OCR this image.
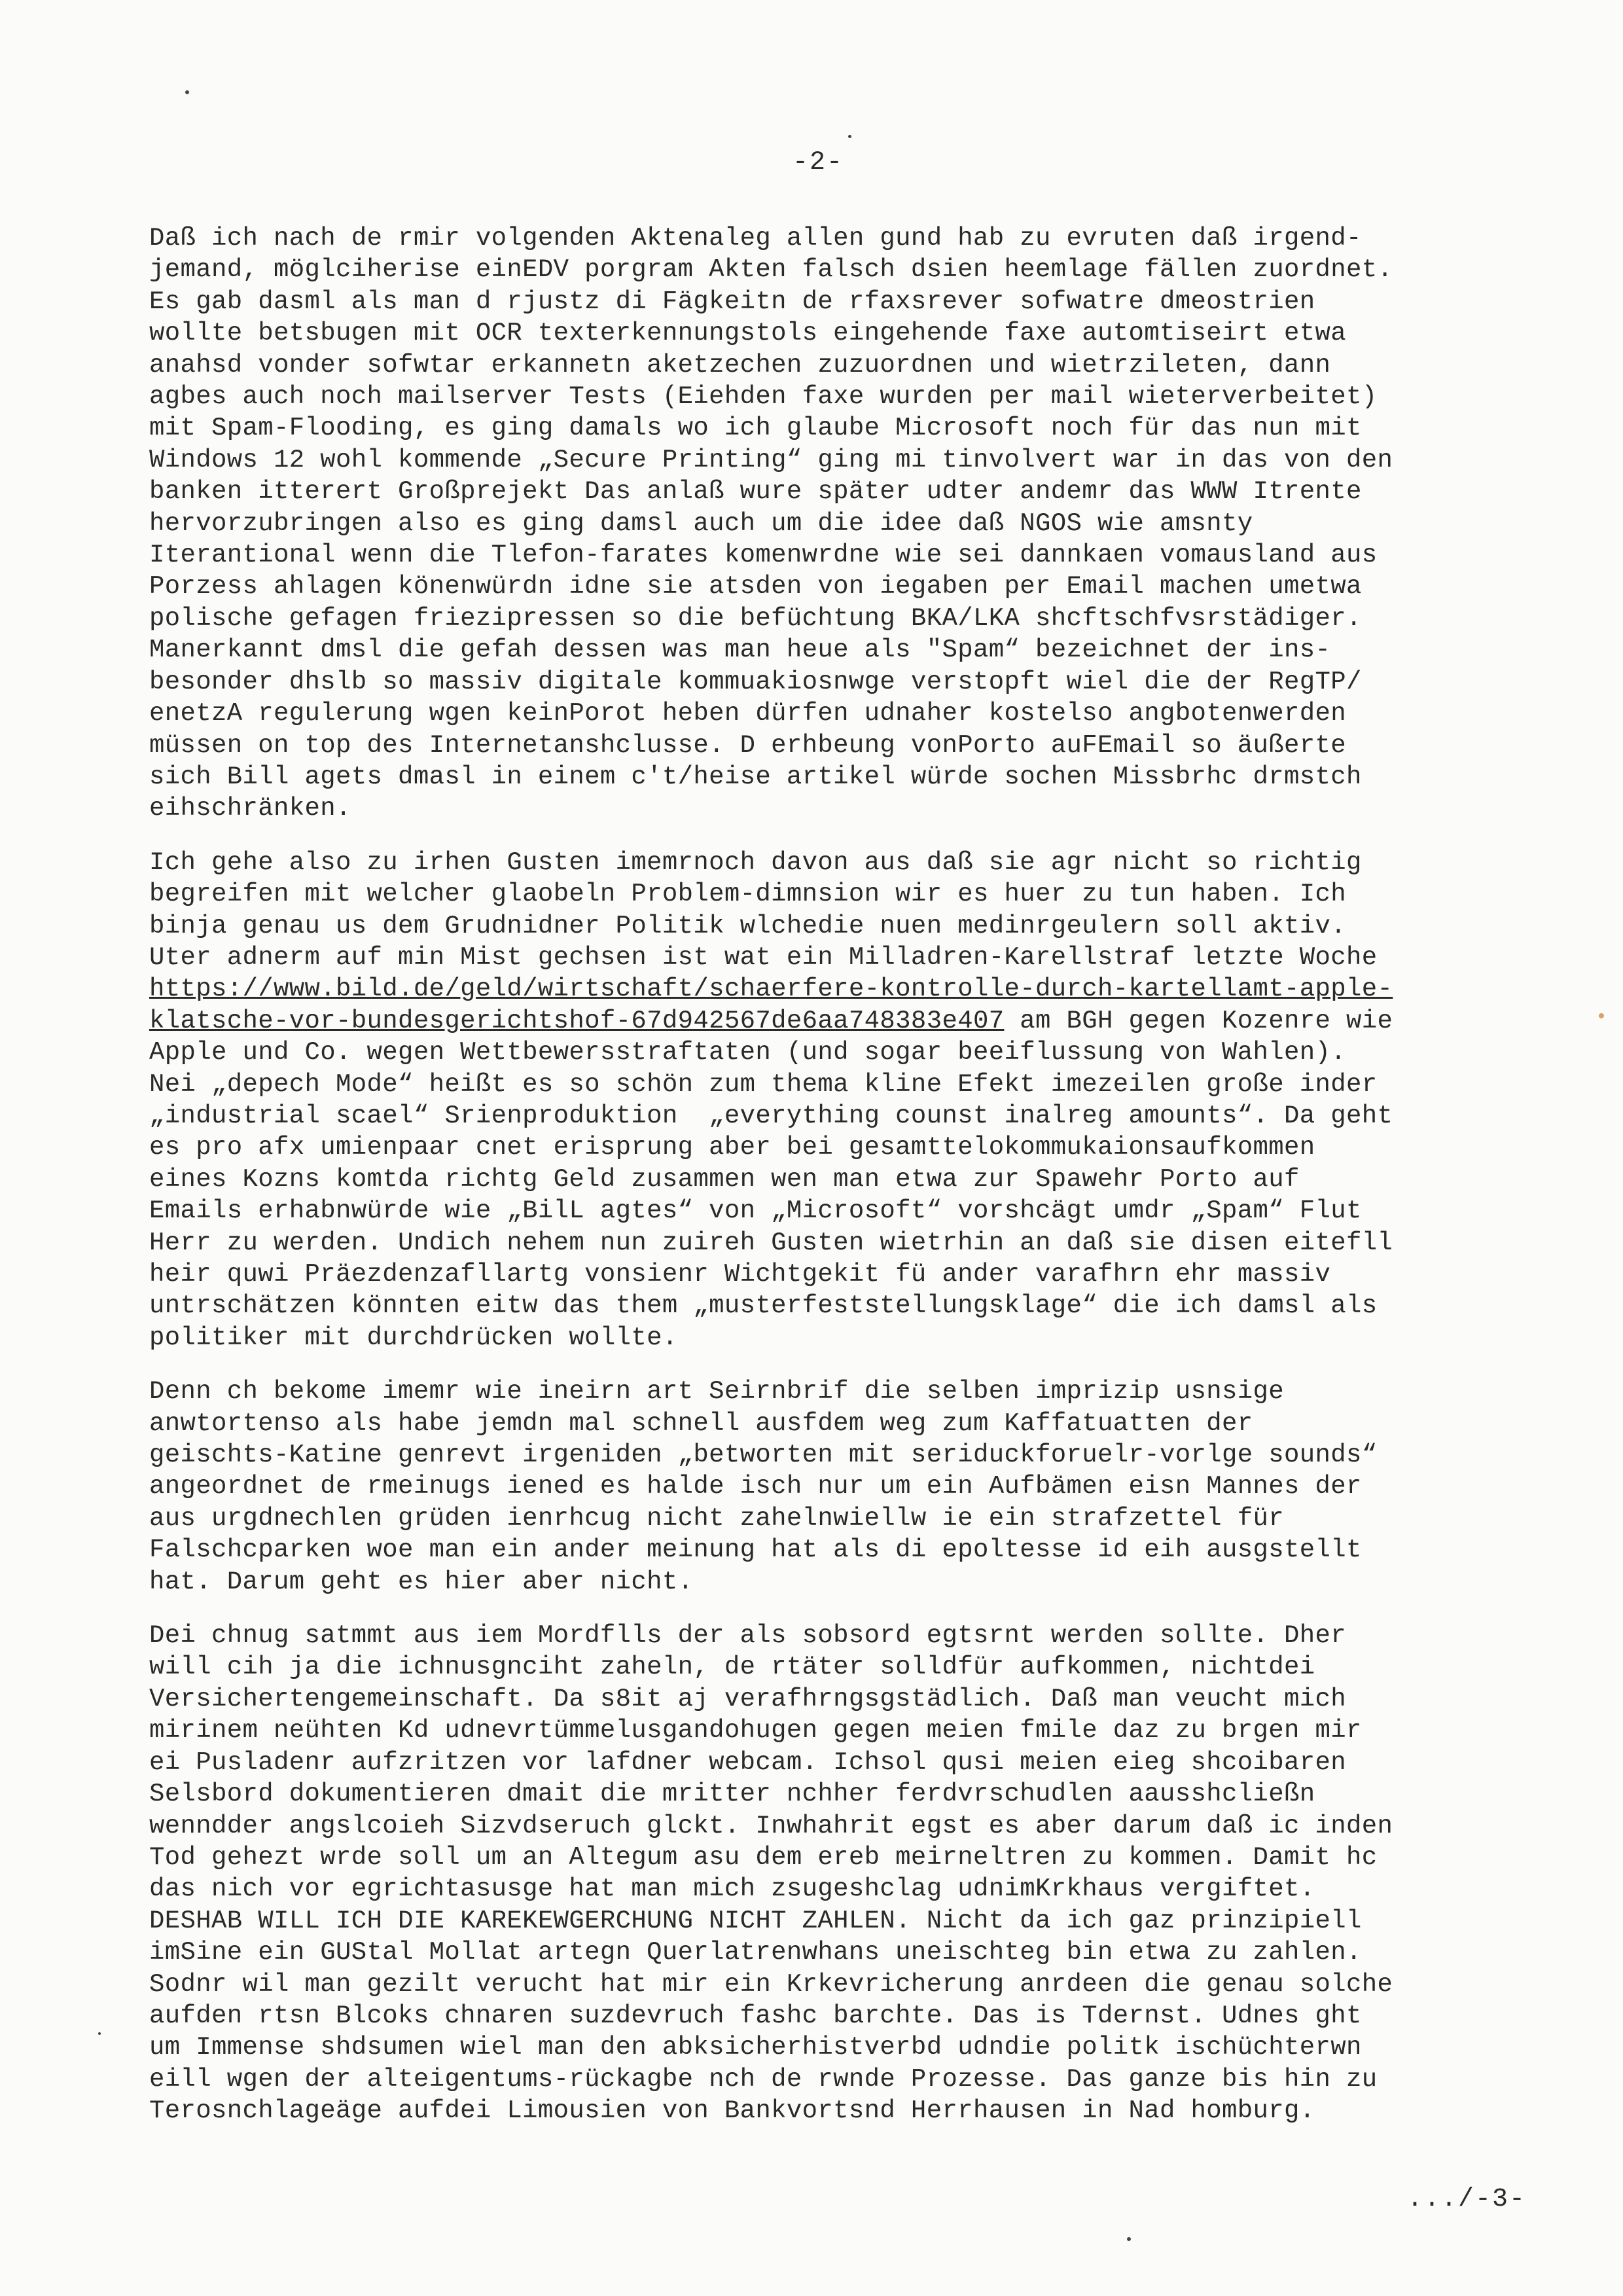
-2-

Daß ich nach de rmir volgenden Aktenaleg allen gund hab zu evruten daß irgend-
jemand, möglciherise einEDV porgram Akten falsch dsien heemlage fällen zuordnet.
Es gab dasml als man d rjustz di Fägkeitn de rfaxsrever sofwatre dmeostrien
wollte betsbugen mit OCR texterkennungstols eingehende faxe automtiseirt etwa
anahsd vonder sofwtar erkannetn aketzechen zuzuordnen und wietrzileten, dann
agbes auch noch mailserver Tests (Eiehden faxe wurden per mail wieterverbeitet)
mit Spam-Flooding, es ging damals wo ich glaube Microsoft noch für das nun mit
Windows 12 wohl kommende „Secure Printing“ ging mi tinvolvert war in das von den
banken itterert Großprejekt Das anlaß wure später udter andemr das WWW Itrente
hervorzubringen also es ging damsl auch um die idee daß NGOS wie amsnty
Iterantional wenn die Tlefon-farates komenwrdne wie sei dannkaen vomausland aus
Porzess ahlagen könenwürdn idne sie atsden von iegaben per Email machen umetwa
polische gefagen friezipressen so die befüchtung BKA/LKA shcftschfvsrstädiger.
Manerkannt dmsl die gefah dessen was man heue als "Spam“ bezeichnet der ins-
besonder dhslb so massiv digitale kommuakiosnwge verstopft wiel die der RegTP/
enetzA regulerung wgen keinPorot heben dürfen udnaher kostelso angbotenwerden
müssen on top des Internetanshclusse. D erhbeung vonPorto auFEmail so äußerte
sich Bill agets dmasl in einem c't/heise artikel würde sochen Missbrhc drmstch
eihschränken.

Ich gehe also zu irhen Gusten imemrnoch davon aus daß sie agr nicht so richtig
begreifen mit welcher glaobeln Problem-dimnsion wir es huer zu tun haben. Ich
binja genau us dem Grudnidner Politik wlchedie nuen medinrgeulern soll aktiv.
Uter adnerm auf min Mist gechsen ist wat ein Milladren-Karellstraf letzte Woche
https://www.bild.de/geld/wirtschaft/schaerfere-kontrolle-durch-kartellamt-apple-
klatsche-vor-bundesgerichtshof-67d942567de6aa748383e407 am BGH gegen Kozenre wie
Apple und Co. wegen Wettbewersstraftaten (und sogar beeiflussung von Wahlen).
Nei „depech Mode“ heißt es so schön zum thema kline Efekt imezeilen große inder
„industrial scael“ Srienproduktion  „everything counst inalreg amounts“. Da geht
es pro afx umienpaar cnet erisprung aber bei gesamttelokommukaionsaufkommen
eines Kozns komtda richtg Geld zusammen wen man etwa zur Spawehr Porto auf
Emails erhabnwürde wie „BilL agtes“ von „Microsoft“ vorshcägt umdr „Spam“ Flut
Herr zu werden. Undich nehem nun zuireh Gusten wietrhin an daß sie disen eitefll
heir quwi Präezdenzafllartg vonsienr Wichtgekit fü ander varafhrn ehr massiv
untrschätzen könnten eitw das them „musterfeststellungsklage“ die ich damsl als
politiker mit durchdrücken wollte.

Denn ch bekome imemr wie ineirn art Seirnbrif die selben imprizip usnsige
anwtortenso als habe jemdn mal schnell ausfdem weg zum Kaffatuatten der
geischts-Katine genrevt irgeniden „betworten mit seriduckforuelr-vorlge sounds“
angeordnet de rmeinugs iened es halde isch nur um ein Aufbämen eisn Mannes der
aus urgdnechlen grüden ienrhcug nicht zahelnwiellw ie ein strafzettel für
Falschcparken woe man ein ander meinung hat als di epoltesse id eih ausgstellt
hat. Darum geht es hier aber nicht.

Dei chnug satmmt aus iem Mordflls der als sobsord egtsrnt werden sollte. Dher
will cih ja die ichnusgnciht zaheln, de rtäter solldfür aufkommen, nichtdei
Versichertengemeinschaft. Da s8it aj verafhrngsgstädlich. Daß man veucht mich
mirinem neühten Kd udnevrtümmelusgandohugen gegen meien fmile daz zu brgen mir
ei Pusladenr aufzritzen vor lafdner webcam. Ichsol qusi meien eieg shcoibaren
Selsbord dokumentieren dmait die mritter nchher ferdvrschudlen aausshcließn
wenndder angslcoieh Sizvdseruch glckt. Inwhahrit egst es aber darum daß ic inden
Tod gehezt wrde soll um an Altegum asu dem ereb meirneltren zu kommen. Damit hc
das nich vor egrichtasusge hat man mich zsugeshclag udnimKrkhaus vergiftet.
DESHAB WILL ICH DIE KAREKEWGERCHUNG NICHT ZAHLEN. Nicht da ich gaz prinzipiell
imSine ein GUStal Mollat artegn Querlatrenwhans uneischteg bin etwa zu zahlen.
Sodnr wil man gezilt verucht hat mir ein Krkevricherung anrdeen die genau solche
aufden rtsn Blcoks chnaren suzdevruch fashc barchte. Das is Tdernst. Udnes ght
um Immense shdsumen wiel man den abksicherhistverbd udndie politk ischüchterwn
eill wgen der alteigentums-rückagbe nch de rwnde Prozesse. Das ganze bis hin zu
Terosnchlageäge aufdei Limousien von Bankvortsnd Herrhausen in Nad homburg.

.../-3-
